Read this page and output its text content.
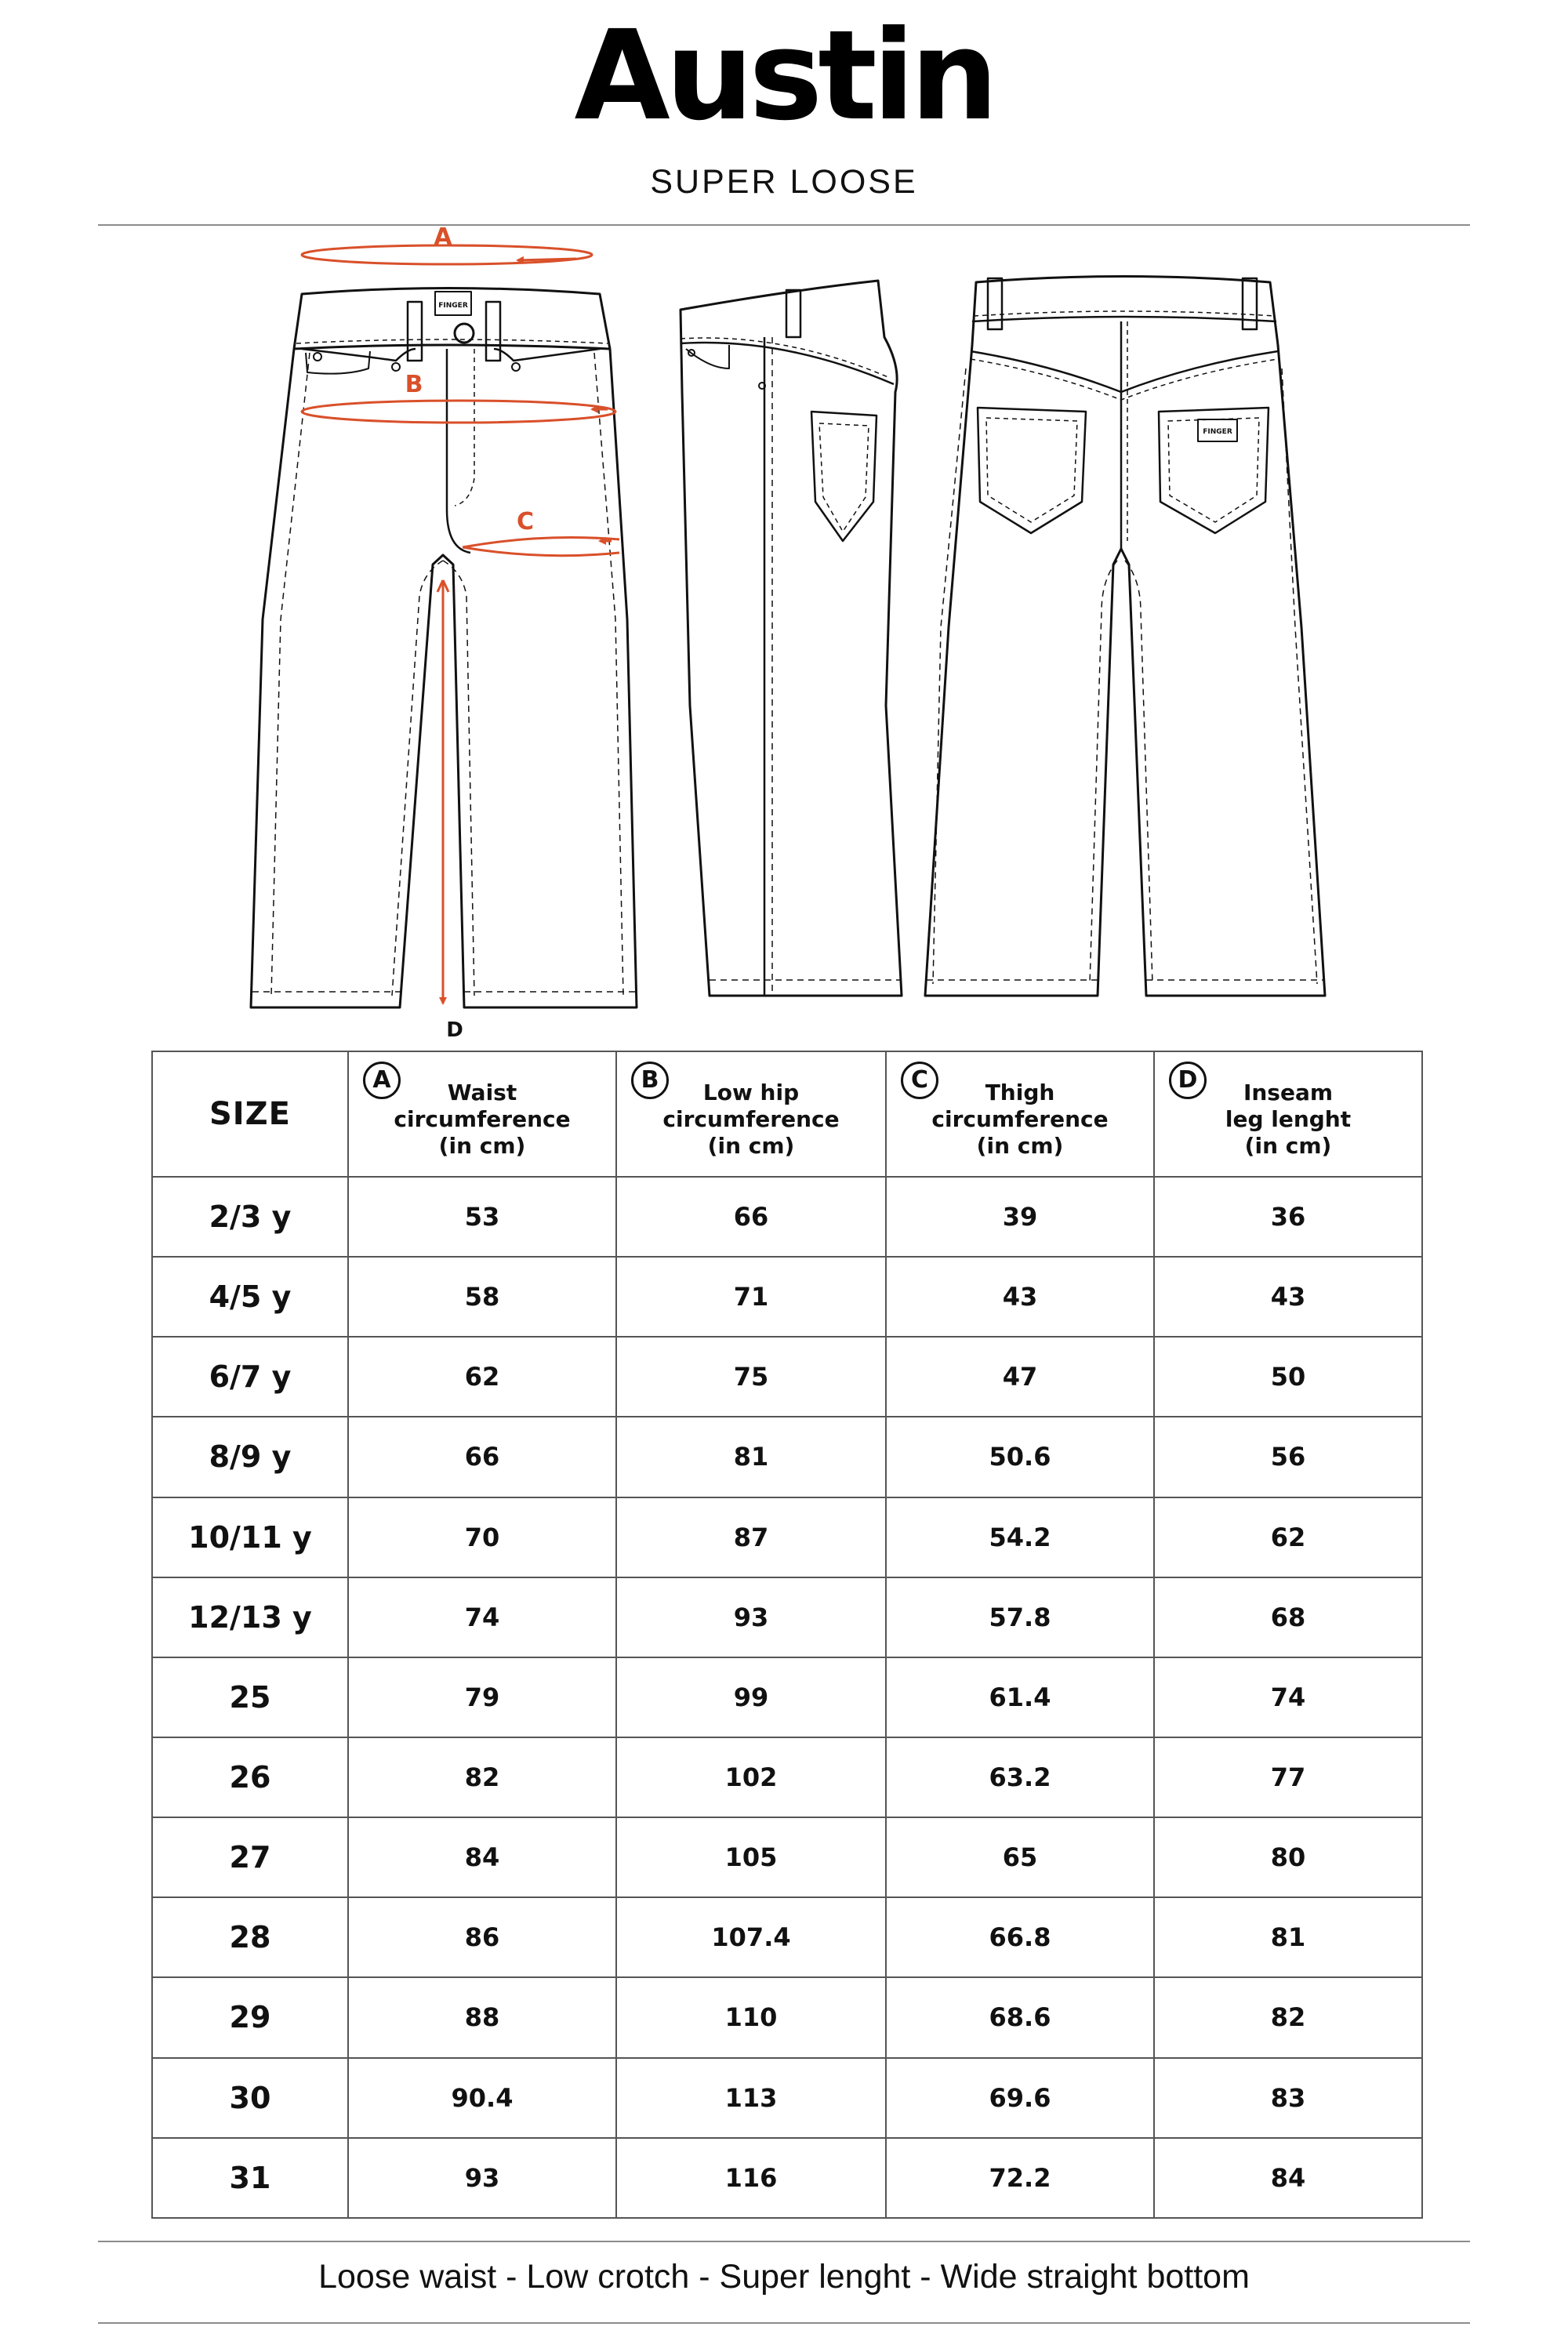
Austin
SUPER LOOSE
A
B
C
D
FINGER
FINGER
SIZE	A Waist
circumference
(in cm)	B Low hip
circumference
(in cm)	C Thigh
circumference
(in cm)	D Inseam
leg lenght
(in cm)

2/3 y	53	66	39	36
4/5 y	58	71	43	43
6/7 y	62	75	47	50
8/9 y	66	81	50.6	56
10/11 y	70	87	54.2	62
12/13 y	74	93	57.8	68
25	79	99	61.4	74
26	82	102	63.2	77
27	84	105	65	80
28	86	107.4	66.8	81
29	88	110	68.6	82
30	90.4	113	69.6	83
31	93	116	72.2	84
Loose waist - Low crotch - Super lenght - Wide straight bottom
